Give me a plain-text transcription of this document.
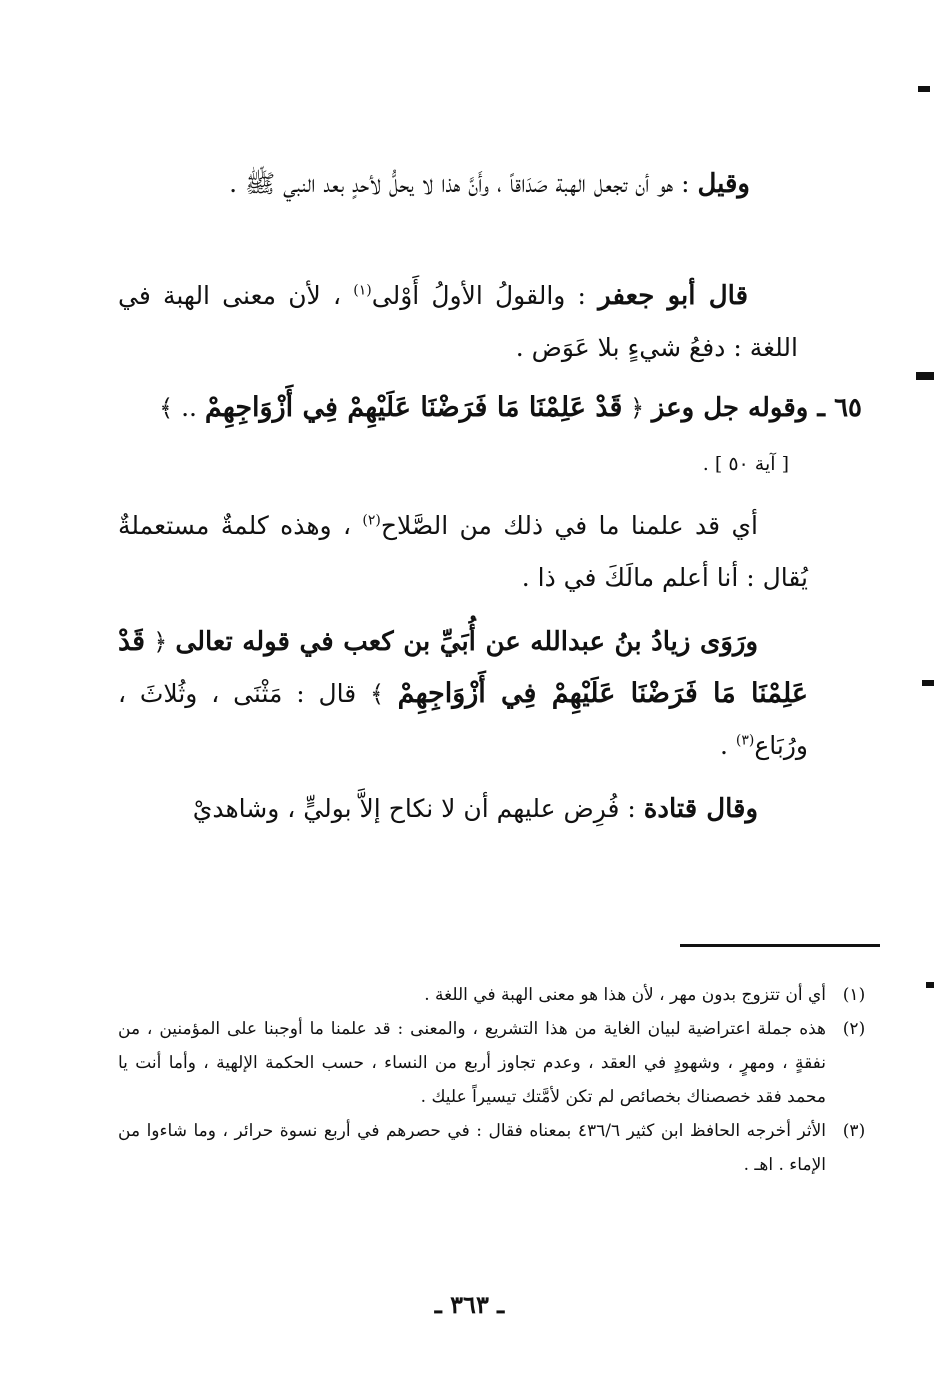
وقيل : هو أن تجعل الهبة صَدَاقاً ، وأَنَّ هذا لا يحلُّ لأحدٍ بعد النبي ﷺ .
قال أبو جعفر : والقولُ الأولُ أَوْلى$^{(١)}$ ، لأن معنى الهبة في اللغة : دفعُ شيءٍ بلا عَوَض .
٦٥ ـ وقوله جل وعز ﴿ قَدْ عَلِمْنَا مَا فَرَضْنَا عَلَيْهِمْ فِي أَزْوَاجِهِمْ .. ﴾
[ آية ٥٠ ] .
أي قد علمنا ما في ذلك من الصَّلاح$^{(٢)}$ ، وهذه كلمةٌ مستعملةٌ يُقال : أنا أعلم مالَكَ في ذا .
ورَوَى زيادُ بنُ عبدالله عن أُبَيِّ بن كعب في قوله تعالى ﴿ قَدْ عَلِمْنَا مَا فَرَضْنَا عَلَيْهِمْ فِي أَزْوَاجِهِمْ ﴾ قال : مَثْنَى ، وثُلاثَ ، ورُبَاع$^{(٣)}$ .
وقال قتادة : فُرِض عليهم أن لا نكاح إلاَّ بوليٍّ ، وشاهديْ
(١)
أي أن تتزوج بدون مهر ، لأن هذا هو معنى الهبة في اللغة .
(٢)
هذه جملة اعتراضية لبيان الغاية من هذا التشريع ، والمعنى : قد علمنا ما أوجبنا على المؤمنين ، من نفقةٍ ، ومهرٍ ، وشهودٍ في العقد ، وعدم تجاوز أربع من النساء ، حسب الحكمة الإلهية ، وأما أنت يا محمد فقد خصصناك بخصائص لم تكن لأمَّتك تيسيراً عليك .
(٣)
الأثر أخرجه الحافظ ابن كثير ٤٣٦/٦ بمعناه فقال : في حصرهم في أربع نسوة حرائر ، وما شاءوا من الإماء . اهـ .
ـ ٣٦٣ ـ
